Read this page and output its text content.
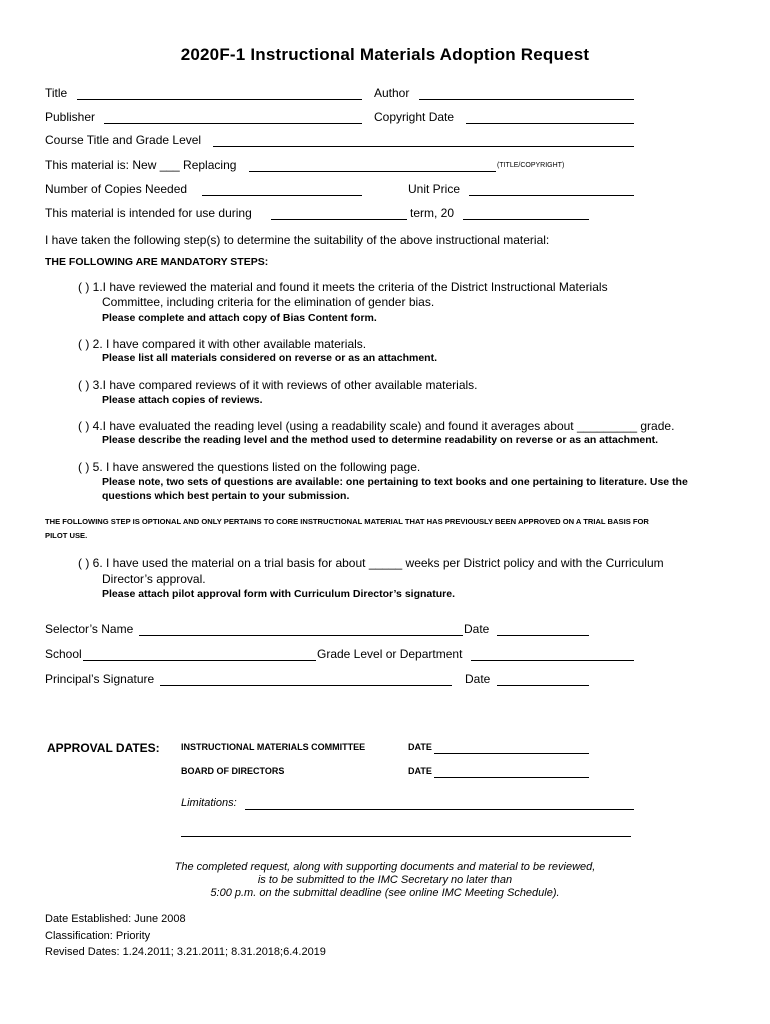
2020F-1 Instructional Materials Adoption Request
Title	Author
Publisher	Copyright Date
Course Title and Grade Level
This material is: New ___ Replacing	(TITLE/COPYRIGHT)
Number of Copies Needed	Unit Price
This material is intended for use during	term, 20
I have taken the following step(s) to determine the suitability of the above instructional material:
THE FOLLOWING ARE MANDATORY STEPS:
( ) 1.I have reviewed the material and found it meets the criteria of the District Instructional Materials
Committee, including criteria for the elimination of gender bias.
Please complete and attach copy of Bias Content form.
( ) 2. I have compared it with other available materials.
Please list all materials considered on reverse or as an attachment.
( ) 3.I have compared reviews of it with reviews of other available materials.
Please attach copies of reviews.
( ) 4.I have evaluated the reading level (using a readability scale) and found it averages about _________ grade.
Please describe the reading level and the method used to determine readability on reverse or as an attachment.
( ) 5. I have answered the questions listed on the following page.
Please note, two sets of questions are available: one pertaining to text books and one pertaining to literature. Use the
questions which best pertain to your submission.
THE FOLLOWING STEP IS OPTIONAL AND ONLY PERTAINS TO CORE INSTRUCTIONAL MATERIAL THAT HAS PREVIOUSLY BEEN APPROVED ON A TRIAL BASIS FOR
PILOT USE.
( ) 6. I have used the material on a trial basis for about _____ weeks per District policy and with the Curriculum
Director’s approval.
Please attach pilot approval form with Curriculum Director’s signature.
Selector’s Name	Date
School	Grade Level or Department
Principal’s Signature	Date
APPROVAL DATES: INSTRUCTIONAL MATERIALS COMMITTEE	DATE
BOARD OF DIRECTORS	DATE
Limitations:
The completed request, along with supporting documents and material to be reviewed,
is to be submitted to the IMC Secretary no later than
5:00 p.m. on the submittal deadline (see online IMC Meeting Schedule).
Date Established: June 2008
Classification: Priority
Revised Dates: 1.24.2011; 3.21.2011; 8.31.2018;6.4.2019
